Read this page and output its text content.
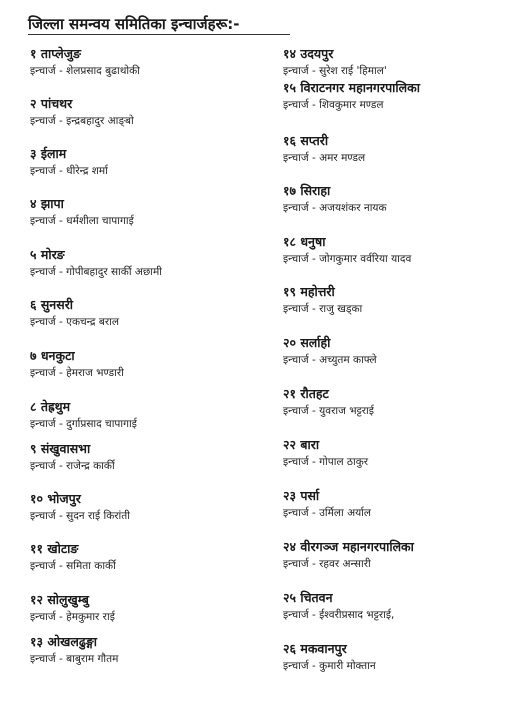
जिल्ला समन्वय समितिका इन्चार्जहरू:-
१ ताप्लेजुङ
इन्चार्ज - शेलप्रसाद बुढाथोकी
२ पांचथर
इन्चार्ज - इन्द्रबहादुर आङ्बो
३ ईलाम
इन्चार्ज - धीरेन्द्र शर्मा
४ झापा
इन्चार्ज - धर्मशीला चापागाई
५ मोरङ
इन्चार्ज - गोपीबहादुर सार्की अछामी
६ सुनसरी
इन्चार्ज - एकचन्द्र बराल
७ धनकुटा
इन्चार्ज - हेमराज भण्डारी
८ तेह्रथुम
इन्चार्ज - दुर्गाप्रसाद चापागाई
९ संखुवासभा
इन्चार्ज - राजेन्द्र कार्की
१० भोजपुर
इन्चार्ज - सुदन राई किरांती
११ खोटाङ
इन्चार्ज - समिता कार्की
१२ सोलुखुम्बु
इन्चार्ज - हेमकुमार राई
१३ ओखलढुङ्गा
इन्चार्ज - बाबुराम गौतम
१४ उदयपुर
इन्चार्ज - सुरेश राई 'हिमाल'
१५ विराटनगर महानगरपालिका
इन्चार्ज - शिवकुमार मण्डल
१६ सप्तरी
इन्चार्ज - अमर मण्डल
१७ सिराहा
इन्चार्ज - अजयशंकर नायक
१८ धनुषा
इन्चार्ज - जोगकुमार वर्वरिया यादव
१९ महोत्तरी
इन्चार्ज - राजु खड्का
२० सर्लाही
इन्चार्ज - अच्युतम काफ्ले
२१ रौतहट
इन्चार्ज - युवराज भट्टराई
२२ बारा
इन्चार्ज - गोपाल ठाकुर
२३ पर्सा
इन्चार्ज - उर्मिला अर्याल
२४ वीरगञ्ज महानगरपालिका
इन्चार्ज - रहवर अन्सारी
२५ चितवन
इन्चार्ज - ईश्वरीप्रसाद भट्टराई,
२६ मकवानपुर
इन्चार्ज - कुमारी मोक्तान
